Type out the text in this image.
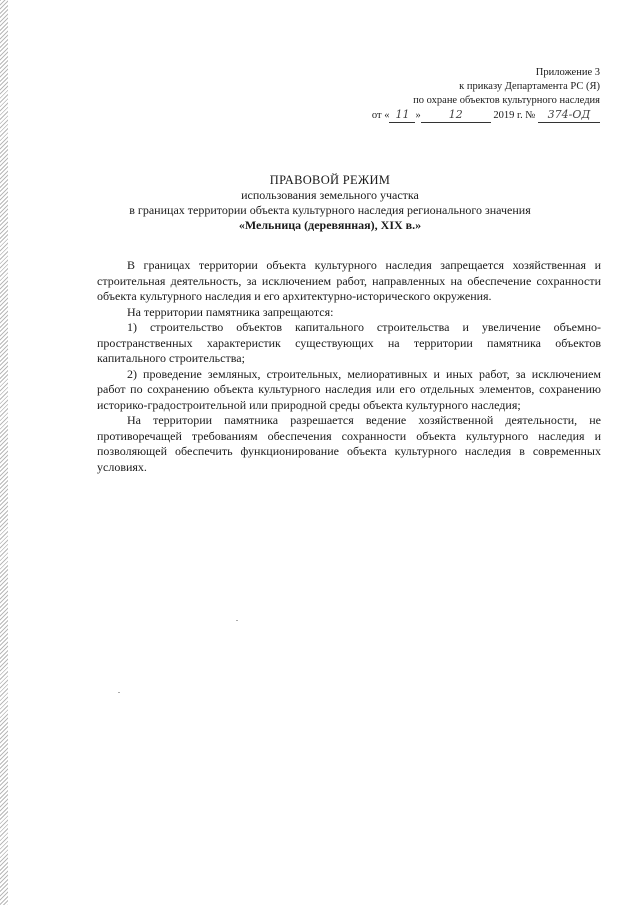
Приложение 3
к приказу Департамента РС (Я)
по охране объектов культурного наследия
от « 11 »	12	2019 г. № 374-ОД
ПРАВОВОЙ РЕЖИМ
использования земельного участка
в границах территории объекта культурного наследия регионального значения
«Мельница (деревянная), XIX в.»

В границах территории объекта культурного наследия запрещается хозяйственная и строительная деятельность, за исключением работ, направленных на обеспечение сохранности объекта культурного наследия и его архитектурно-исторического окружения.

На территории памятника запрещаются:

1) строительство объектов капитального строительства и увеличение объемно-пространственных характеристик существующих на территории памятника объектов капитального строительства;

2) проведение земляных, строительных, мелиоративных и иных работ, за исключением работ по сохранению объекта культурного наследия или его отдельных элементов, сохранению историко-градостроительной или природной среды объекта культурного наследия;

На территории памятника разрешается ведение хозяйственной деятельности, не противоречащей требованиям обеспечения сохранности объекта культурного наследия и позволяющей обеспечить функционирование объекта культурного наследия в современных условиях.
